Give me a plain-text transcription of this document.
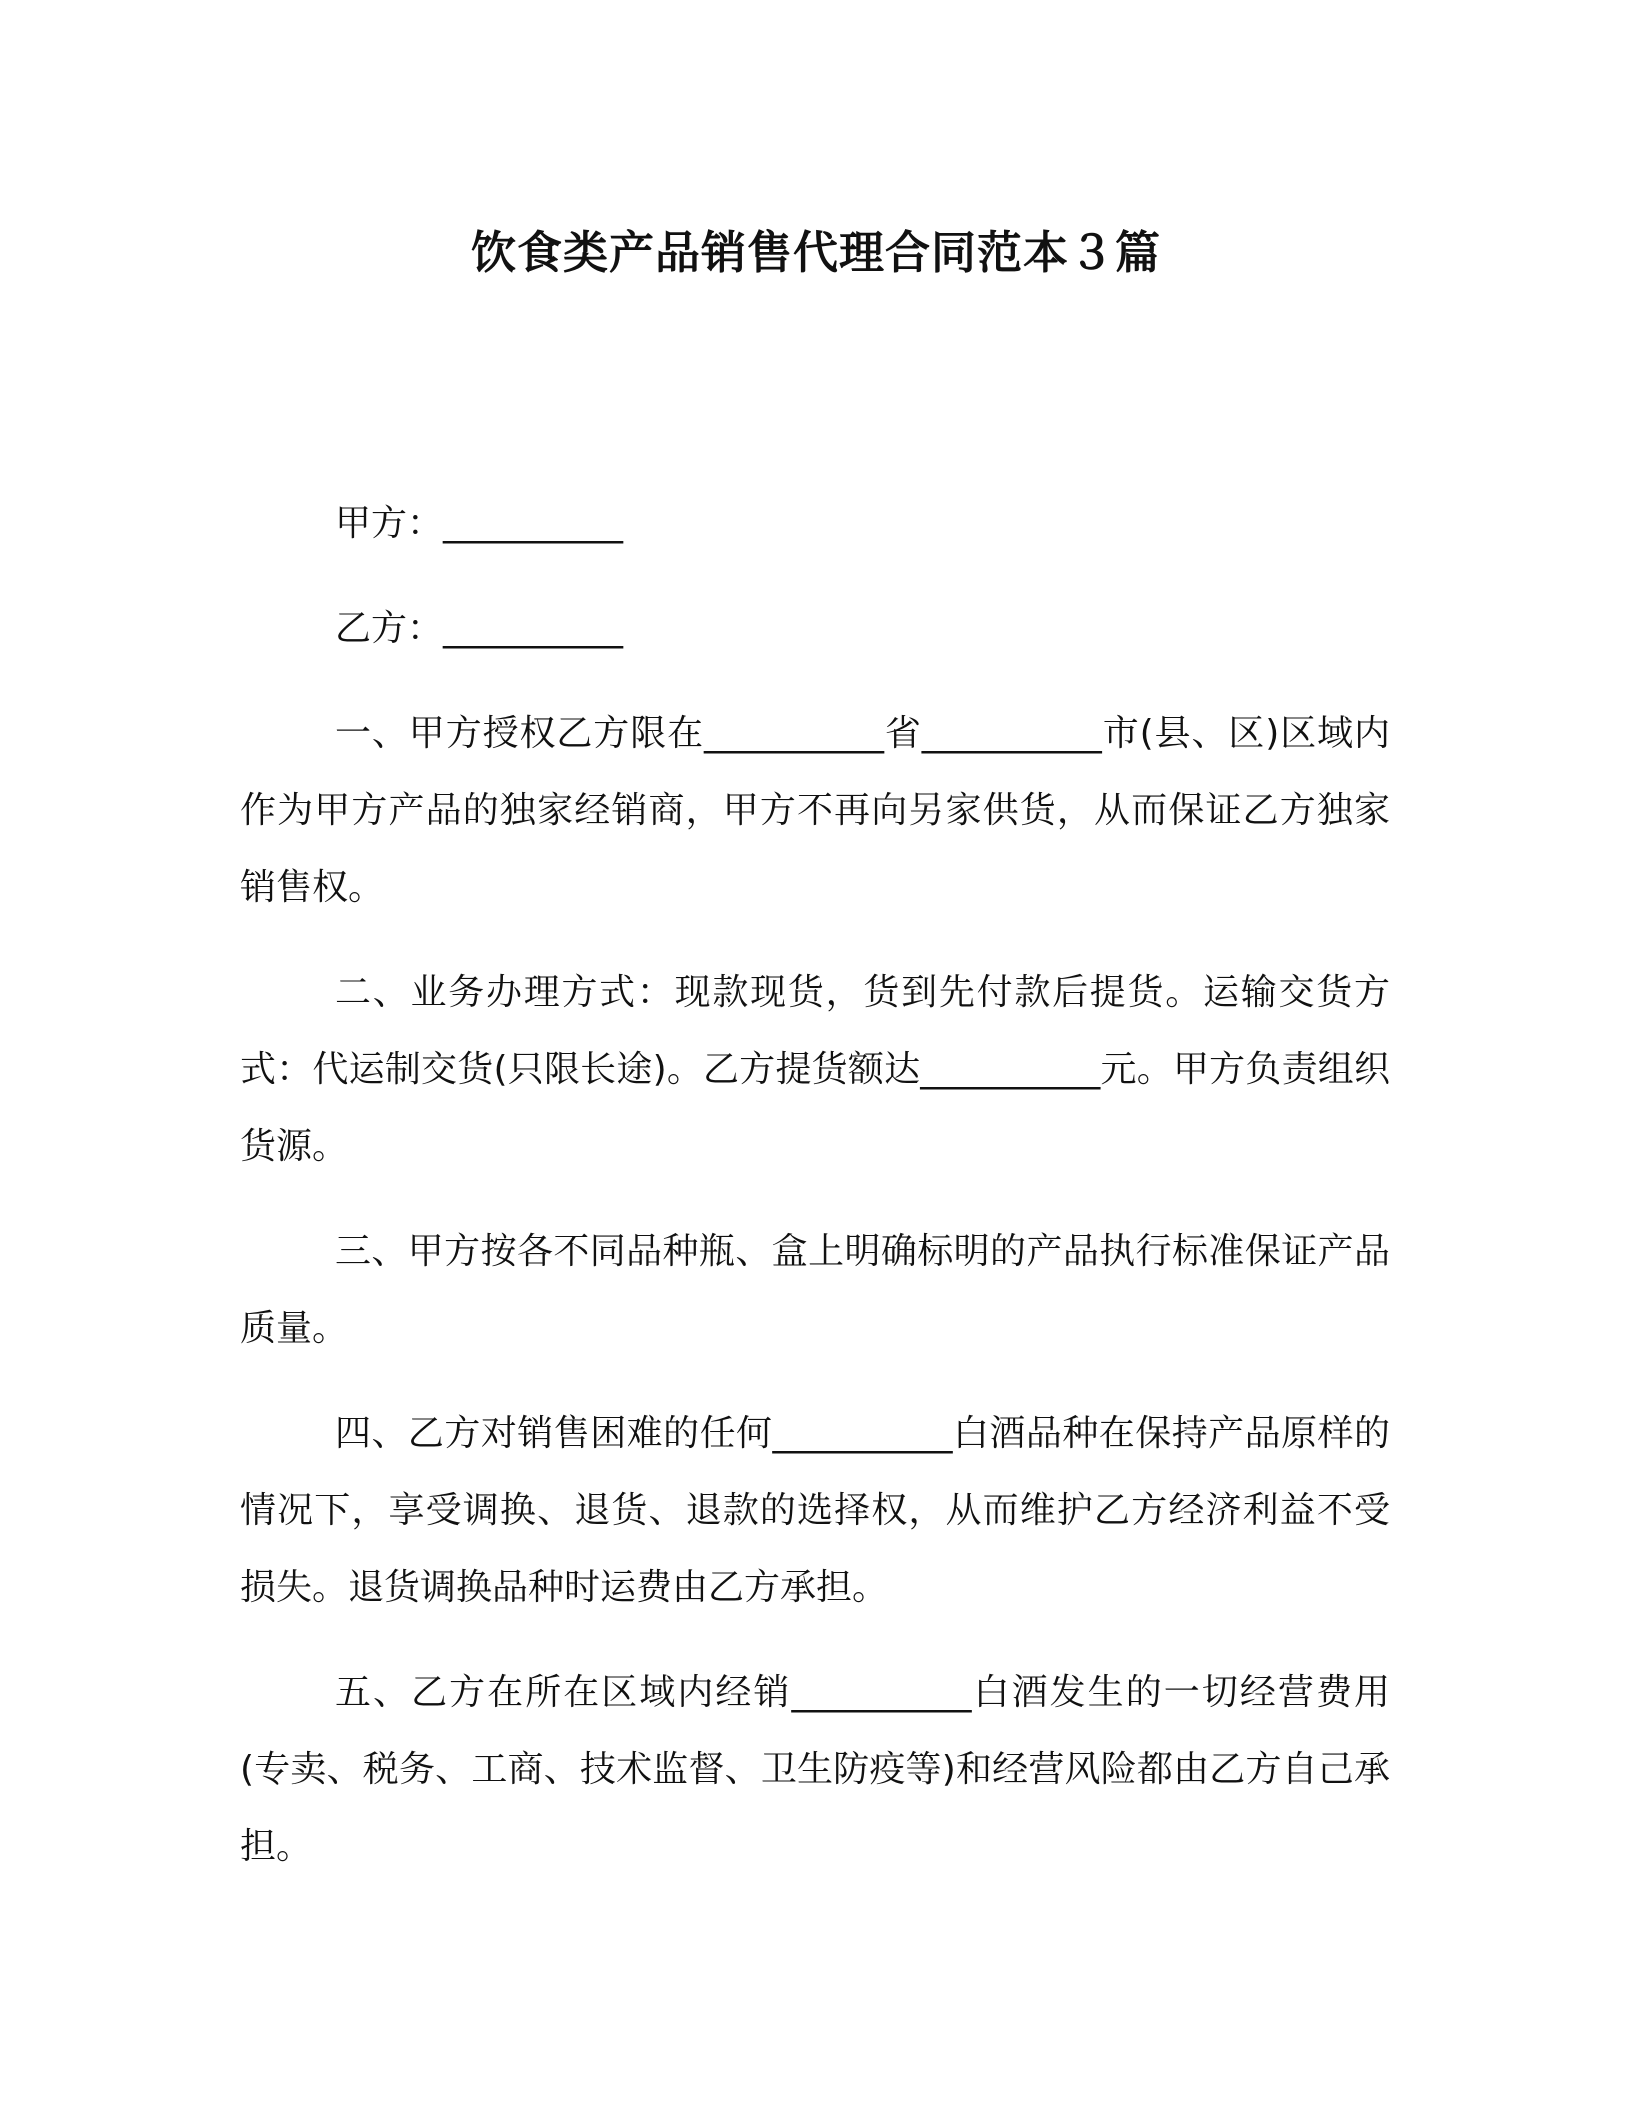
饮食类产品销售代理合同范本３篇
甲方：__________
乙方：__________
一、甲方授权乙方限在__________省__________市(县、区)区域内作为甲方产品的独家经销商，甲方不再向另家供货，从而保证乙方独家销售权。
二、业务办理方式：现款现货，货到先付款后提货。运输交货方式：代运制交货(只限长途)。乙方提货额达__________元。甲方负责组织货源。
三、甲方按各不同品种瓶、盒上明确标明的产品执行标准保证产品质量。
四、乙方对销售困难的任何__________白酒品种在保持产品原样的情况下，享受调换、退货、退款的选择权，从而维护乙方经济利益不受损失。退货调换品种时运费由乙方承担。
五、乙方在所在区域内经销__________白酒发生的一切经营费用(专卖、税务、工商、技术监督、卫生防疫等)和经营风险都由乙方自己承担。
